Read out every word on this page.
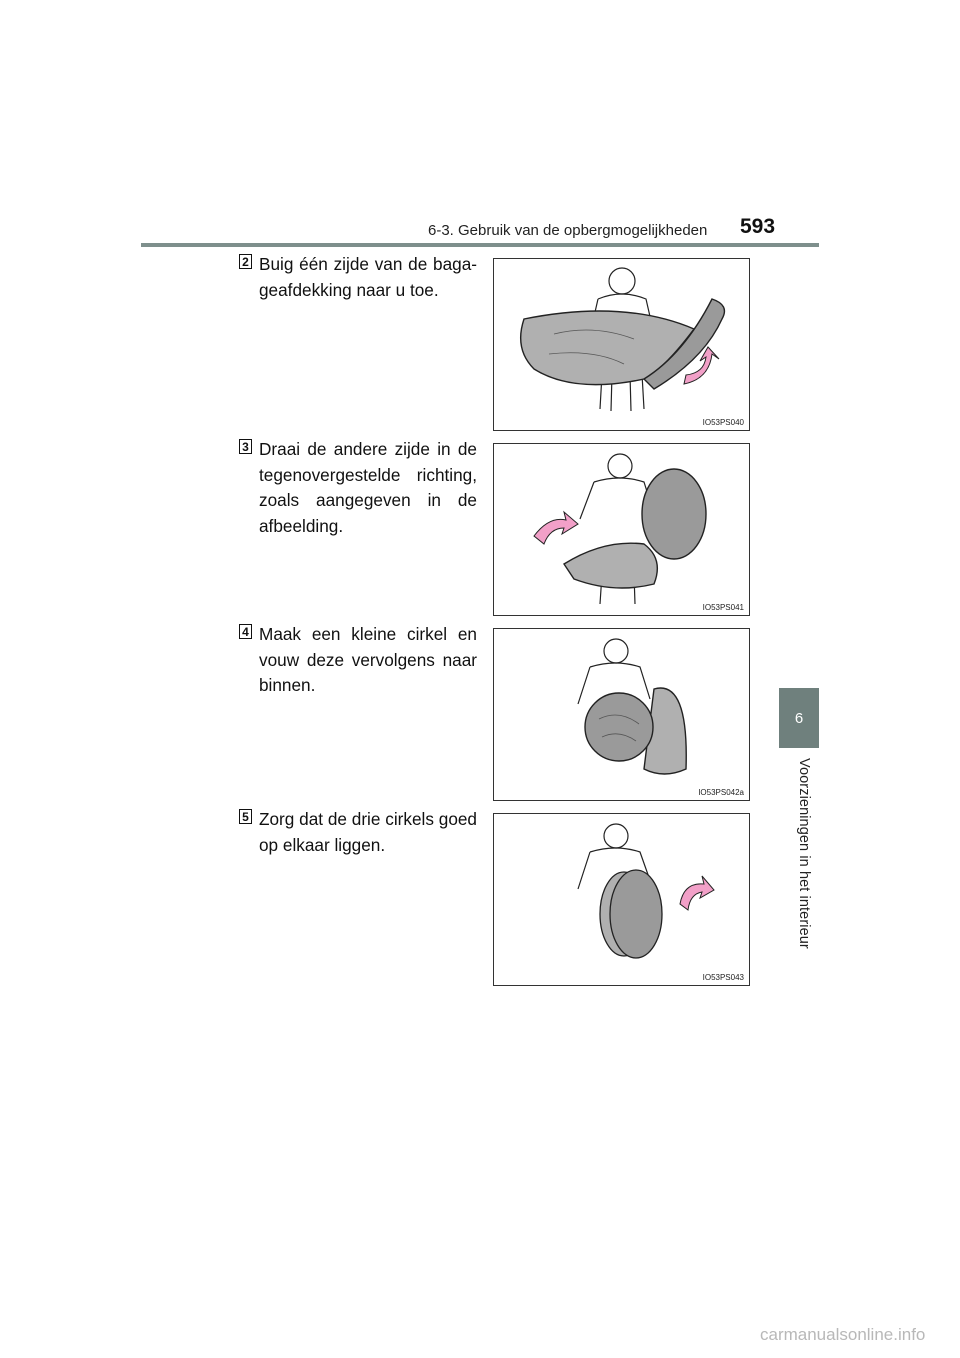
6-3. Gebruik van de opbergmogelijkheden 593
6
Voorzieningen in het interieur
2 Buig één zijde van de baga-geafdekking naar u toe.
IO53PS040
3 Draai de andere zijde in de tegenovergestelde richting, zoals aangegeven in de afbeelding.
IO53PS041
4 Maak een kleine cirkel en vouw deze vervolgens naar binnen.
IO53PS042a
5 Zorg dat de drie cirkels goed op elkaar liggen.
IO53PS043
carmanualsonline.info
